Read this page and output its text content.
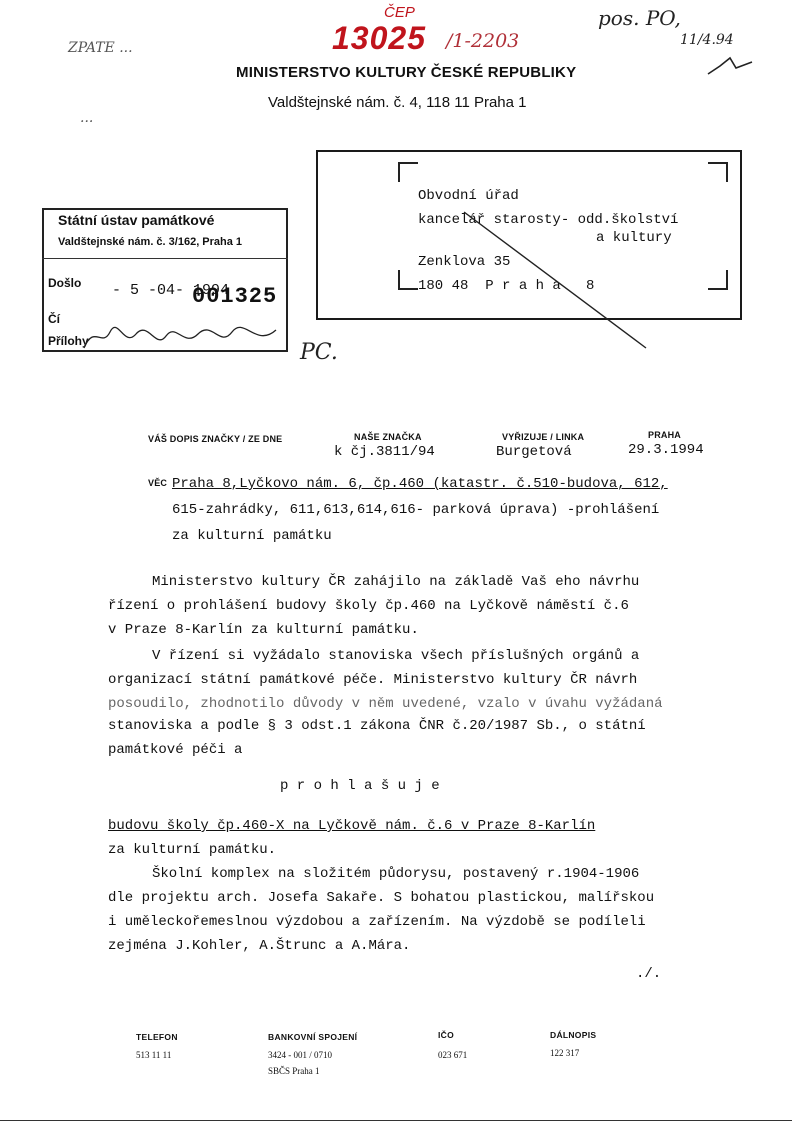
ČEP
13025 /1-2203
pos. PO,
11/4.94
ZPATE ...
...
PC.
MINISTERSTVO KULTURY ČESKÉ REPUBLIKY
Valdštejnské nám. č. 4, 118 11 Praha 1
Obvodní úřad
kancelář starosty- odd.školství
a kultury
Zenklova 35
180 48  P r a h a   8
Státní ústav památkové
Valdštejnské nám. č. 3/162, Praha 1
Došlo - 5 -04- 1994
001325
Čí
Přílohy
VÁŠ DOPIS ZNAČKY / ZE DNE	NAŠE ZNAČKA
k čj.3811/94
VYŘIZUJE / LINKA
Burgetová
PRAHA
29.3.1994
VĚC Praha 8,Lyčkovo nám. 6, čp.460 (katastr. č.510-budova, 612,
615-zahrádky, 611,613,614,616- parková úprava) -prohlášení
za kulturní památku
Ministerstvo kultury ČR zahájilo na základě Vaš eho návrhu
řízení o prohlášení budovy školy čp.460 na Lyčkově náměstí č.6
v Praze 8-Karlín za kulturní památku.
V řízení si vyžádalo stanoviska všech příslušných orgánů a
organizací státní památkové péče. Ministerstvo kultury ČR návrh
posoudilo, zhodnotilo důvody v něm uvedené, vzalo v úvahu vyžádaná
stanoviska a podle § 3 odst.1 zákona ČNR č.20/1987 Sb., o státní
památkové péči a
p r o h l a š u j e
budovu školy čp.460-X na Lyčkově nám. č.6 v Praze 8-Karlín
za kulturní památku.
Školní komplex na složitém půdorysu, postavený r.1904-1906
dle projektu arch. Josefa Sakaře. S bohatou plastickou, malířskou
i uměleckořemeslnou výzdobou a zařízením. Na výzdobě se podíleli
zejména J.Kohler, A.Štrunc a A.Mára.
./.
TELEFON
513 11 11
BANKOVNÍ SPOJENÍ
3424 - 001 / 0710
SBČS Praha 1
IČO
023 671
DÁLNOPIS
122 317
